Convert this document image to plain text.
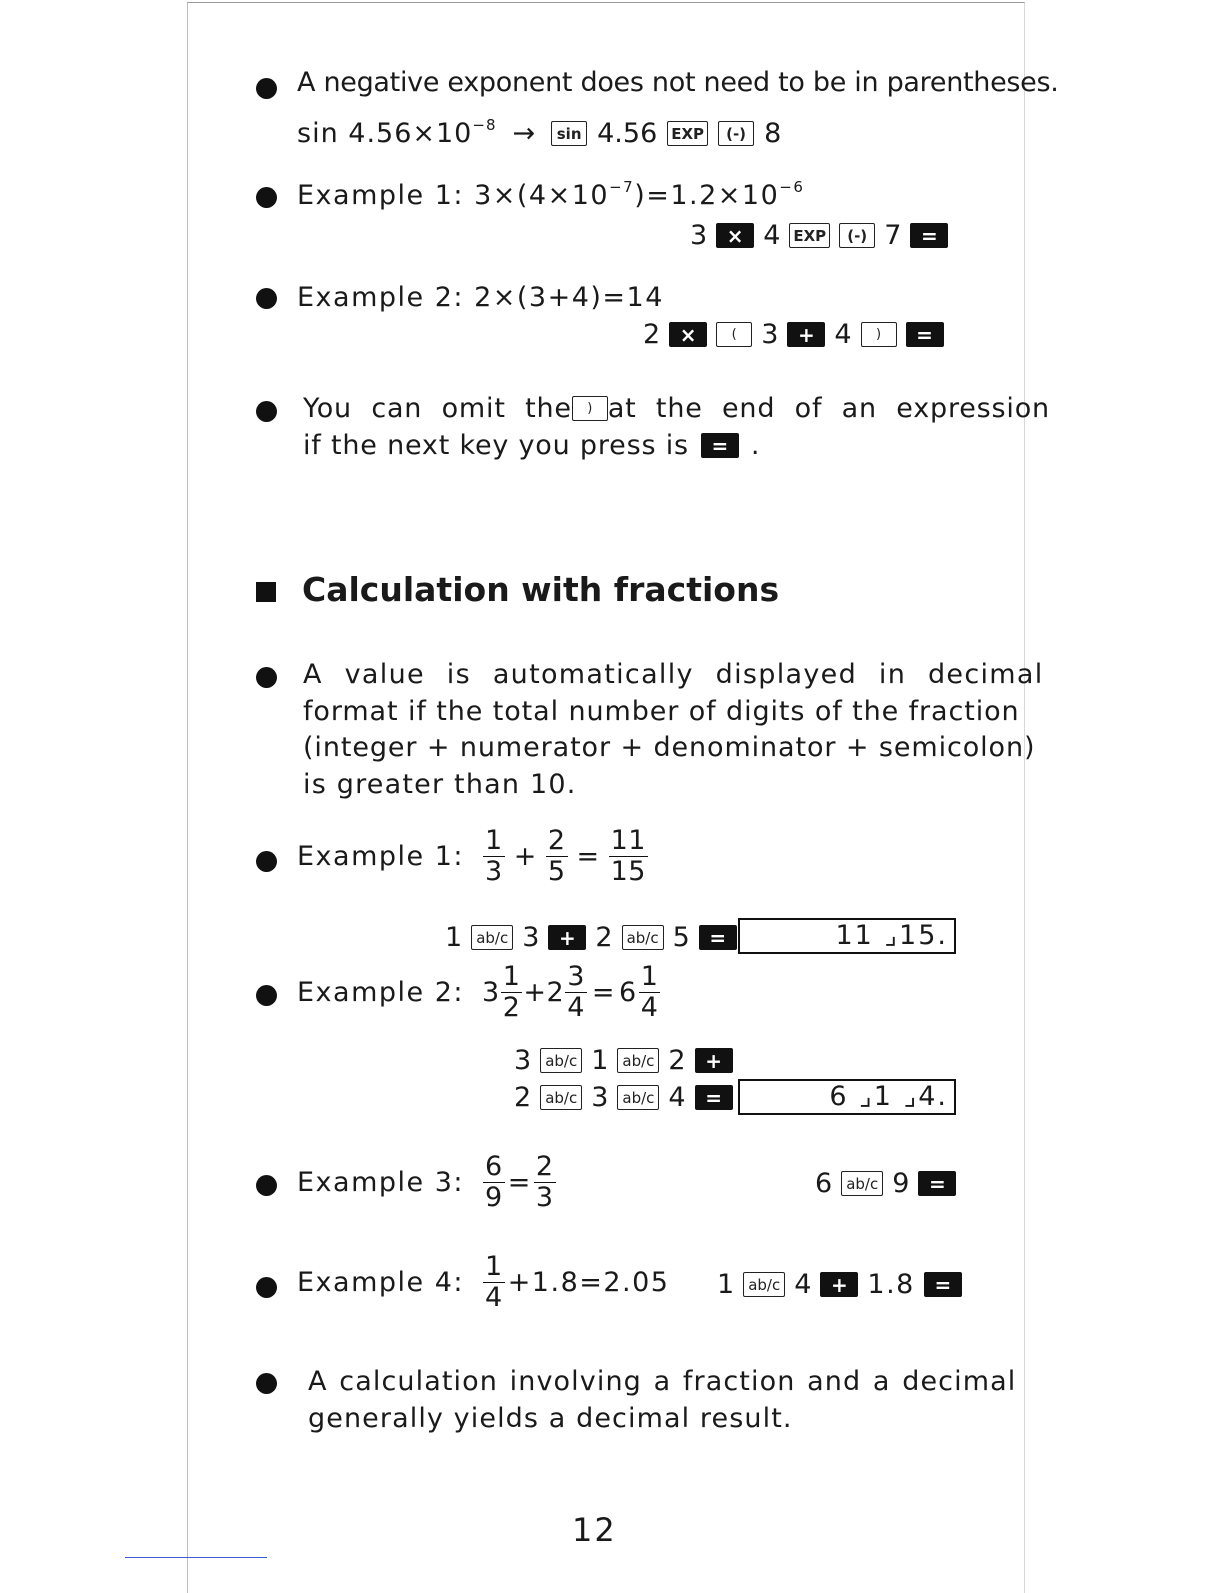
A negative exponent does not need to be in parentheses.
$\sin 4.56\times 10^{-8}$ →	sin 4.56 EXP	(-) 8
Example 1: $3\times(4\times 10^{-7})=1.2\times 10^{-6}$
3 × 4 EXP	(-) 7 =
Example 2: 2×(3+4)=14
2 ×	( 3 + 4	)	=
You can omit the	) at the end of an expression
if the next key you press is	= .
Calculation with fractions
A value is automatically displayed in decimal
format if the total number of digits of the fraction
(integer + numerator + denominator + semicolon)
is greater than 10.
Example 1: $\frac{1}{3} + \frac{2}{5} = \frac{11}{15}$
1 ab/c 3 + 2 ab/c 5 =	11 ⌟15.
Example 2: $3 \frac{1}{2} + 2 \frac{3}{4} = 6 \frac{1}{4}$
3 ab/c 1 ab/c 2 +
2 ab/c 3 ab/c 4 =	6 ⌟1 ⌟4.
Example 3: $\frac{6}{9} = \frac{2}{3}$	6 ab/c 9 =
Example 4: $\frac{1}{4} +1.8=2.05$ 1 ab/c 4 + 1.8 =
A calculation involving a fraction and a decimal
generally yields a decimal result.
12
